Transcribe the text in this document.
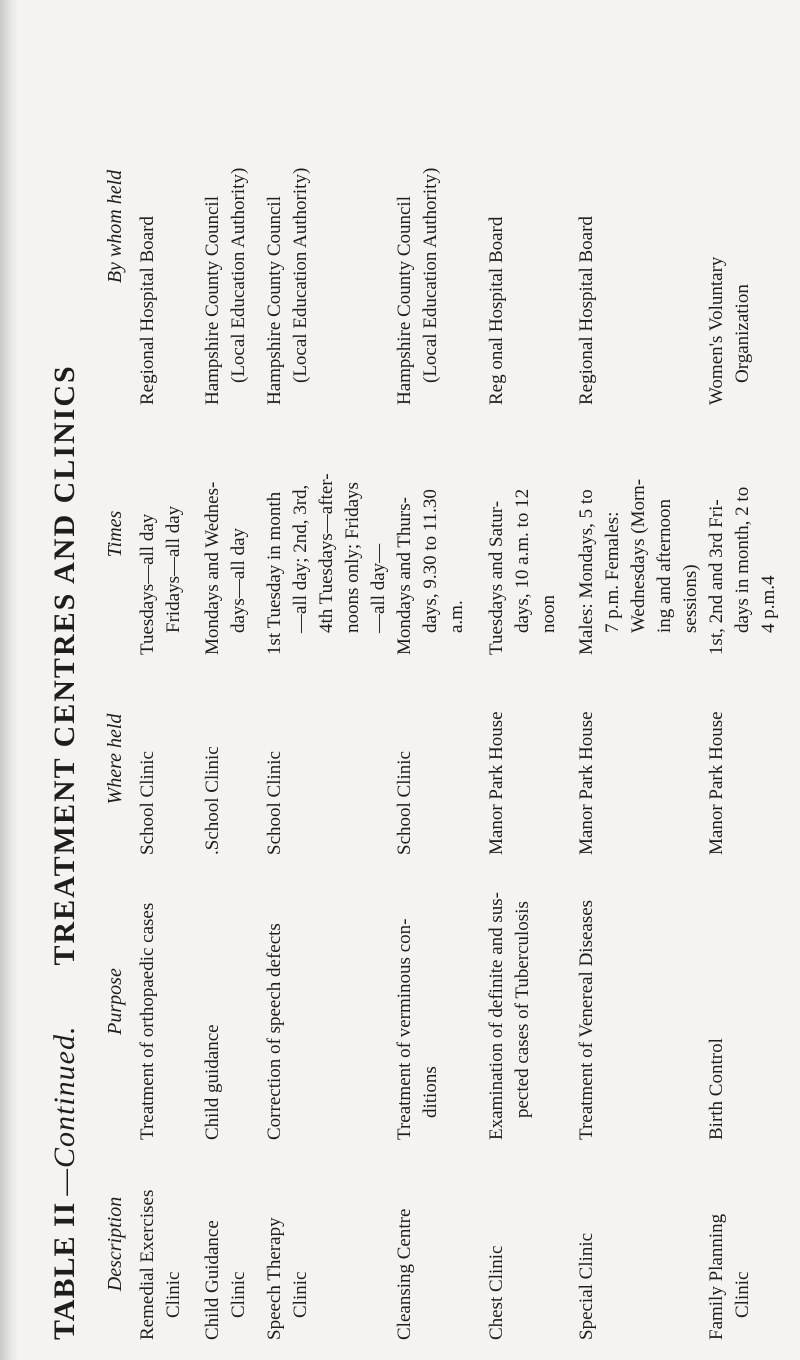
TABLE II
—Continued.
TREATMENT CENTRES AND CLINICS
Description
Purpose
Where held
Times
By whom held
Remedial Exercises Clinic
Treatment of orthopaedic cases
School Clinic
Tuesdays—all day Fridays—all day
Regional Hospital Board
Child Guidance Clinic
Child guidance
.School Clinic
Mondays and Wednes- days—all day
Hampshire County Council (Local Education Authority)
Speech Therapy Clinic
Correction of speech defects
School Clinic
1st Tuesday in month —all day; 2nd, 3rd, 4th Tuesdays—after- noons only; Fridays —all day—
Hampshire County Council (Local Education Authority)
Cleansing Centre
Treatment of verminous con- ditions
School Clinic
Mondays and Thurs- days, 9.30 to 11.30 a.m.
Hampshire County Council (Local Education Authority)
Chest Clinic
Examination of definite and sus- pected cases of Tuberculosis
Manor Park House
Tuesdays and Satur- days, 10 a.m. to 12 noon
Reg onal Hospital Board
Special Clinic
Treatment of Venereal Diseases
Manor Park House
Males: Mondays, 5 to 7 p.m. Females: Wednesdays (Morn- ing and afternoon sessions)
Regional Hospital Board
Family Planning Clinic
Birth Control
Manor Park House
1st, 2nd and 3rd Fri- days in month, 2 to 4 p.m.4
Women's Voluntary Organization
